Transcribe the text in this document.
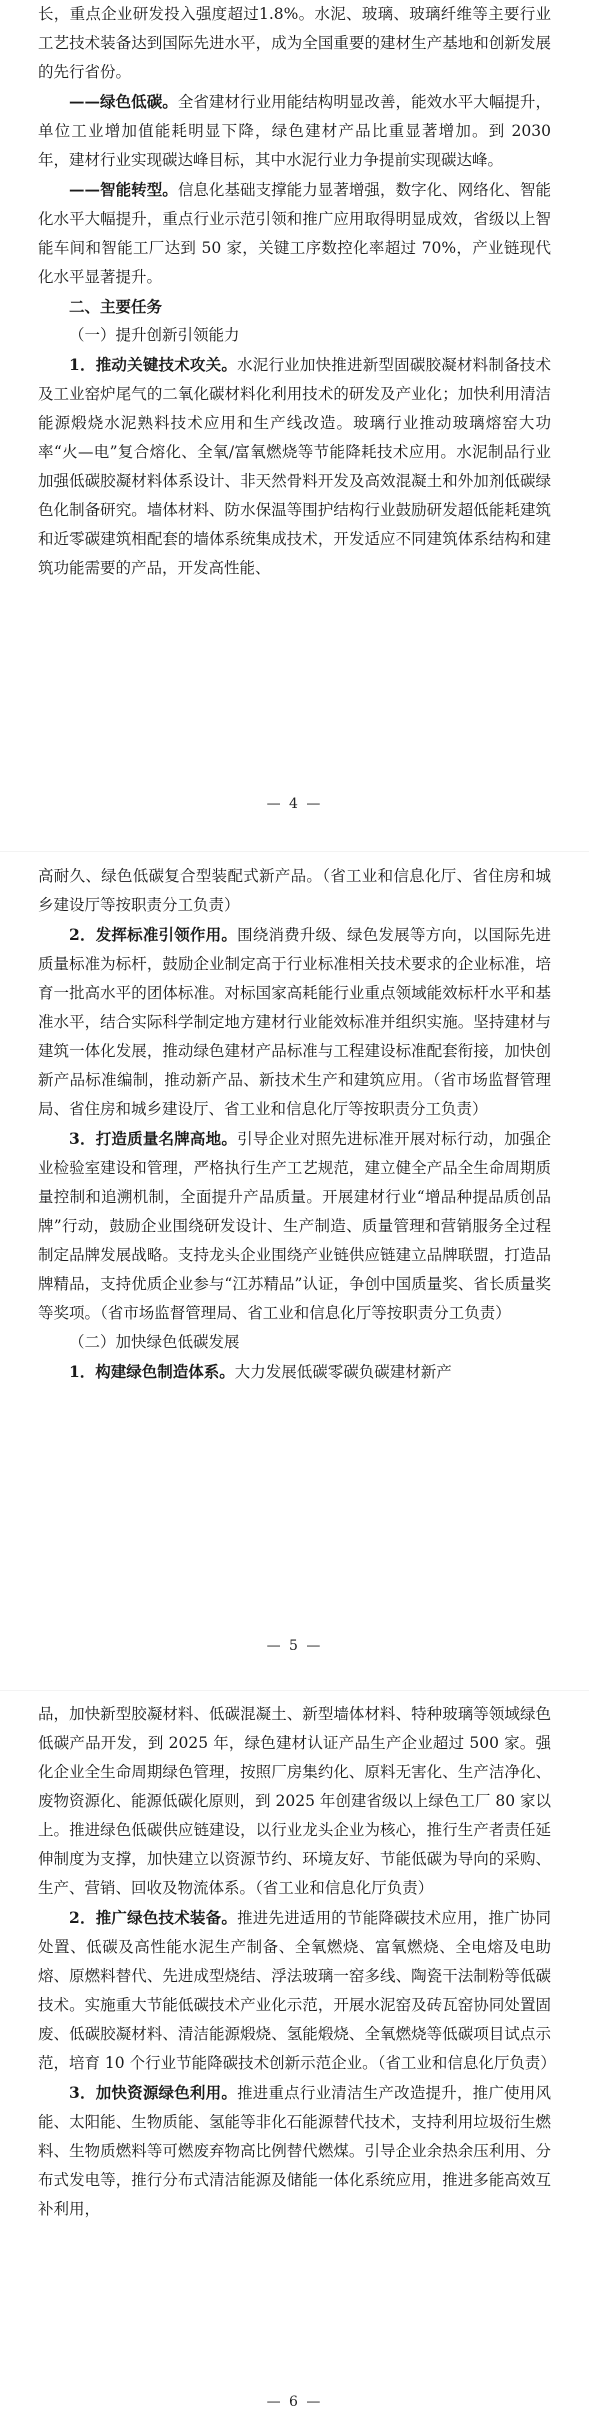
长，重点企业研发投入强度超过1.8%。水泥、玻璃、玻璃纤维等主要行业工艺技术装备达到国际先进水平，成为全国重要的建材生产基地和创新发展的先行省份。

——绿色低碳。全省建材行业用能结构明显改善，能效水平大幅提升，单位工业增加值能耗明显下降，绿色建材产品比重显著增加。到 2030 年，建材行业实现碳达峰目标，其中水泥行业力争提前实现碳达峰。

——智能转型。信息化基础支撑能力显著增强，数字化、网络化、智能化水平大幅提升，重点行业示范引领和推广应用取得明显成效，省级以上智能车间和智能工厂达到 50 家，关键工序数控化率超过 70%，产业链现代化水平显著提升。

二、主要任务

（一）提升创新引领能力

1．推动关键技术攻关。水泥行业加快推进新型固碳胶凝材料制备技术及工业窑炉尾气的二氧化碳材料化利用技术的研发及产业化；加快利用清洁能源煅烧水泥熟料技术应用和生产线改造。玻璃行业推动玻璃熔窑大功率“火—电”复合熔化、全氧/富氧燃烧等节能降耗技术应用。水泥制品行业加强低碳胶凝材料体系设计、非天然骨料开发及高效混凝土和外加剂低碳绿色化制备研究。墙体材料、防水保温等围护结构行业鼓励研发超低能耗建筑和近零碳建筑相配套的墙体系统集成技术，开发适应不同建筑体系结构和建筑功能需要的产品，开发高性能、

— 4 —

高耐久、绿色低碳复合型装配式新产品。（省工业和信息化厅、省住房和城乡建设厅等按职责分工负责）

2．发挥标准引领作用。围绕消费升级、绿色发展等方向，以国际先进质量标准为标杆，鼓励企业制定高于行业标准相关技术要求的企业标准，培育一批高水平的团体标准。对标国家高耗能行业重点领域能效标杆水平和基准水平，结合实际科学制定地方建材行业能效标准并组织实施。坚持建材与建筑一体化发展，推动绿色建材产品标准与工程建设标准配套衔接，加快创新产品标准编制，推动新产品、新技术生产和建筑应用。（省市场监督管理局、省住房和城乡建设厅、省工业和信息化厅等按职责分工负责）

3．打造质量名牌高地。引导企业对照先进标准开展对标行动，加强企业检验室建设和管理，严格执行生产工艺规范，建立健全产品全生命周期质量控制和追溯机制，全面提升产品质量。开展建材行业“增品种提品质创品牌”行动，鼓励企业围绕研发设计、生产制造、质量管理和营销服务全过程制定品牌发展战略。支持龙头企业围绕产业链供应链建立品牌联盟，打造品牌精品，支持优质企业参与“江苏精品”认证，争创中国质量奖、省长质量奖等奖项。（省市场监督管理局、省工业和信息化厅等按职责分工负责）

（二）加快绿色低碳发展

1．构建绿色制造体系。大力发展低碳零碳负碳建材新产

— 5 —

品，加快新型胶凝材料、低碳混凝土、新型墙体材料、特种玻璃等领域绿色低碳产品开发，到 2025 年，绿色建材认证产品生产企业超过 500 家。强化企业全生命周期绿色管理，按照厂房集约化、原料无害化、生产洁净化、废物资源化、能源低碳化原则，到 2025 年创建省级以上绿色工厂 80 家以上。推进绿色低碳供应链建设，以行业龙头企业为核心，推行生产者责任延伸制度为支撑，加快建立以资源节约、环境友好、节能低碳为导向的采购、生产、营销、回收及物流体系。（省工业和信息化厅负责）

2．推广绿色技术装备。推进先进适用的节能降碳技术应用，推广协同处置、低碳及高性能水泥生产制备、全氧燃烧、富氧燃烧、全电熔及电助熔、原燃料替代、先进成型烧结、浮法玻璃一窑多线、陶瓷干法制粉等低碳技术。实施重大节能低碳技术产业化示范，开展水泥窑及砖瓦窑协同处置固废、低碳胶凝材料、清洁能源煅烧、氢能煅烧、全氧燃烧等低碳项目试点示范，培育 10 个行业节能降碳技术创新示范企业。（省工业和信息化厅负责）

3．加快资源绿色利用。推进重点行业清洁生产改造提升，推广使用风能、太阳能、生物质能、氢能等非化石能源替代技术，支持利用垃圾衍生燃料、生物质燃料等可燃废弃物高比例替代燃煤。引导企业余热余压利用、分布式发电等，推行分布式清洁能源及储能一体化系统应用，推进多能高效互补利用，

— 6 —
